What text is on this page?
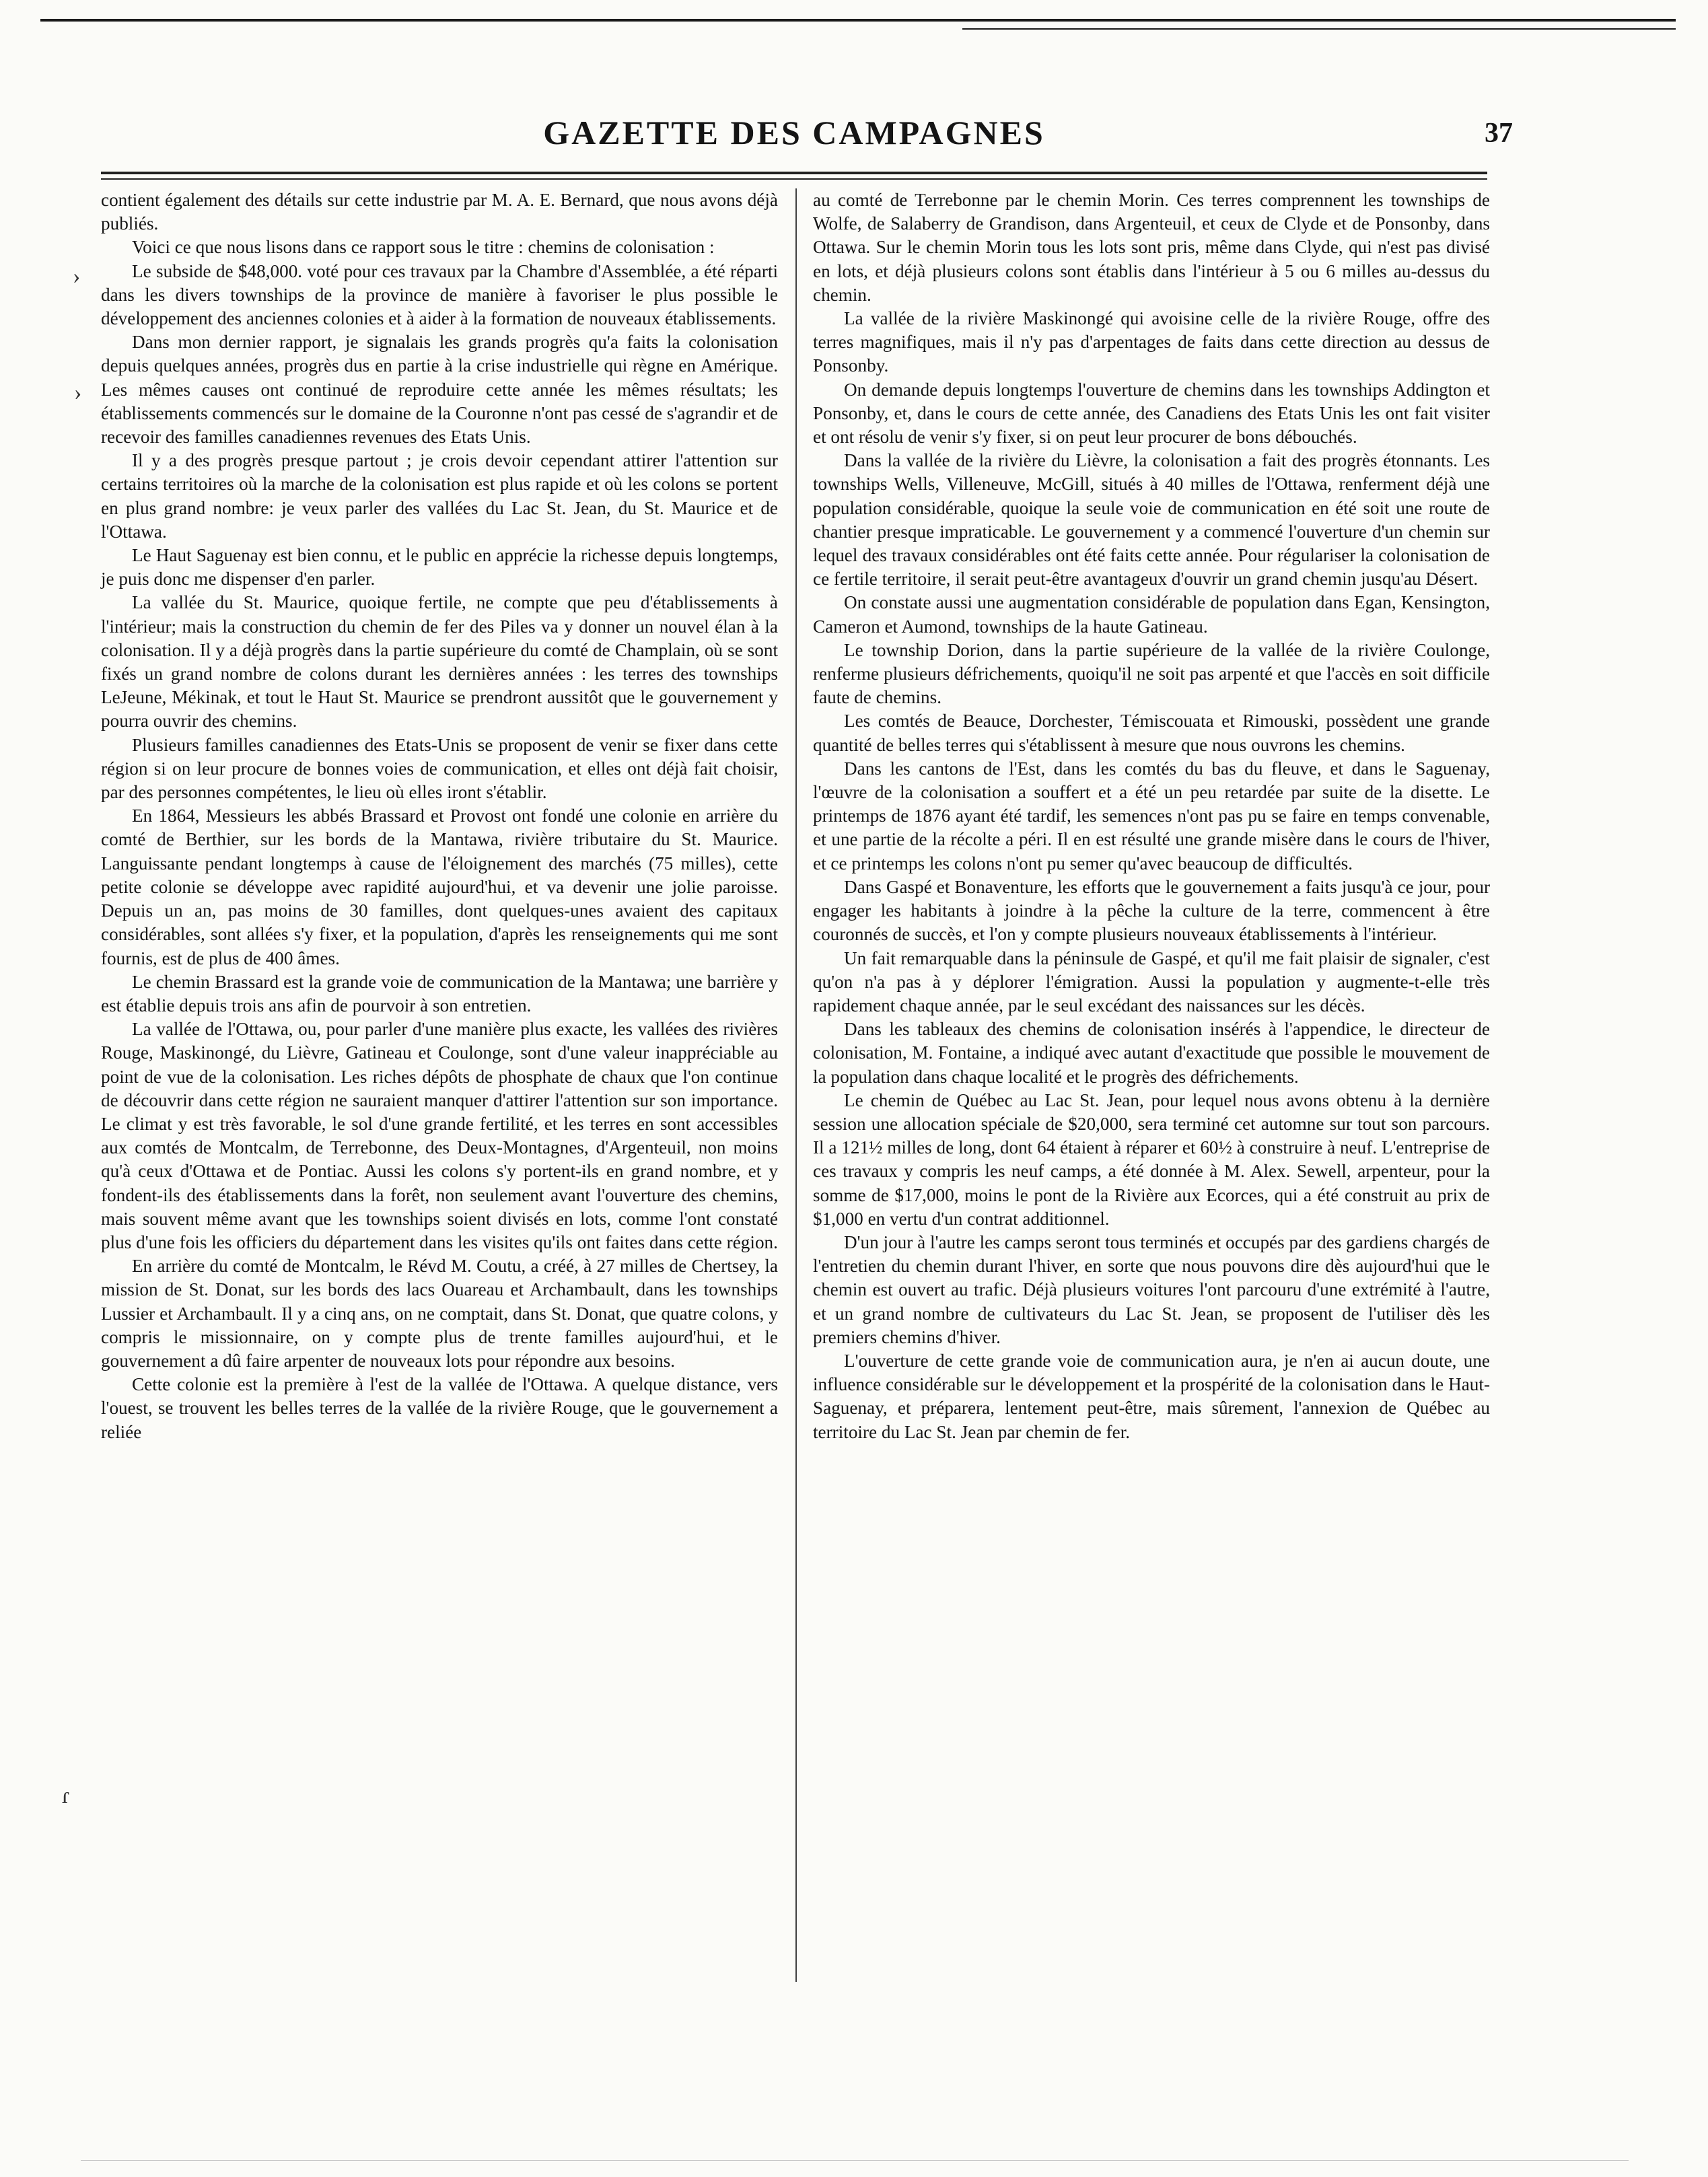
GAZETTE DES CAMPAGNES	37
›
›
ɾ

contient également des détails sur cette industrie par M. A. E. Bernard, que nous avons déjà publiés.

Voici ce que nous lisons dans ce rapport sous le titre : chemins de colonisation :

Le subside de $48,000. voté pour ces travaux par la Chambre d'Assemblée, a été réparti dans les divers townships de la province de manière à favoriser le plus possible le développement des anciennes colonies et à aider à la formation de nouveaux établissements.

Dans mon dernier rapport, je signalais les grands progrès qu'a faits la colonisation depuis quelques années, progrès dus en partie à la crise industrielle qui règne en Amérique. Les mêmes causes ont continué de reproduire cette année les mêmes résultats; les établissements commencés sur le domaine de la Couronne n'ont pas cessé de s'agrandir et de recevoir des familles canadiennes revenues des Etats Unis.

Il y a des progrès presque partout ; je crois devoir cependant attirer l'attention sur certains territoires où la marche de la colonisation est plus rapide et où les colons se portent en plus grand nombre: je veux parler des vallées du Lac St. Jean, du St. Maurice et de l'Ottawa.

Le Haut Saguenay est bien connu, et le public en apprécie la richesse depuis longtemps, je puis donc me dispenser d'en parler.

La vallée du St. Maurice, quoique fertile, ne compte que peu d'établissements à l'intérieur; mais la construction du chemin de fer des Piles va y donner un nouvel élan à la colonisation. Il y a déjà progrès dans la partie supérieure du comté de Champlain, où se sont fixés un grand nombre de colons durant les dernières années : les terres des townships LeJeune, Mékinak, et tout le Haut St. Maurice se prendront aussitôt que le gouvernement y pourra ouvrir des chemins.

Plusieurs familles canadiennes des Etats-Unis se proposent de venir se fixer dans cette région si on leur procure de bonnes voies de communication, et elles ont déjà fait choisir, par des personnes compétentes, le lieu où elles iront s'établir.

En 1864, Messieurs les abbés Brassard et Provost ont fondé une colonie en arrière du comté de Berthier, sur les bords de la Mantawa, rivière tributaire du St. Maurice. Languissante pendant longtemps à cause de l'éloignement des marchés (75 milles), cette petite colonie se développe avec rapidité aujourd'hui, et va devenir une jolie paroisse. Depuis un an, pas moins de 30 familles, dont quelques-unes avaient des capitaux considérables, sont allées s'y fixer, et la population, d'après les renseignements qui me sont fournis, est de plus de 400 âmes.

Le chemin Brassard est la grande voie de communication de la Mantawa; une barrière y est établie depuis trois ans afin de pourvoir à son entretien.

La vallée de l'Ottawa, ou, pour parler d'une manière plus exacte, les vallées des rivières Rouge, Maskinongé, du Lièvre, Gatineau et Coulonge, sont d'une valeur inappréciable au point de vue de la colonisation. Les riches dépôts de phosphate de chaux que l'on continue de découvrir dans cette région ne sauraient manquer d'attirer l'attention sur son importance. Le climat y est très favorable, le sol d'une grande fertilité, et les terres en sont accessibles aux comtés de Montcalm, de Terrebonne, des Deux-Montagnes, d'Argenteuil, non moins qu'à ceux d'Ottawa et de Pontiac. Aussi les colons s'y portent-ils en grand nombre, et y fondent-ils des établissements dans la forêt, non seulement avant l'ouverture des chemins, mais souvent même avant que les townships soient divisés en lots, comme l'ont constaté plus d'une fois les officiers du département dans les visites qu'ils ont faites dans cette région.

En arrière du comté de Montcalm, le Révd M. Coutu, a créé, à 27 milles de Chertsey, la mission de St. Donat, sur les bords des lacs Ouareau et Archambault, dans les townships Lussier et Archambault. Il y a cinq ans, on ne comptait, dans St. Donat, que quatre colons, y compris le missionnaire, on y compte plus de trente familles aujourd'hui, et le gouvernement a dû faire arpenter de nouveaux lots pour répondre aux besoins.

Cette colonie est la première à l'est de la vallée de l'Ottawa. A quelque distance, vers l'ouest, se trouvent les belles terres de la vallée de la rivière Rouge, que le gouvernement a reliée

au comté de Terrebonne par le chemin Morin. Ces terres comprennent les townships de Wolfe, de Salaberry de Grandison, dans Argenteuil, et ceux de Clyde et de Ponsonby, dans Ottawa. Sur le chemin Morin tous les lots sont pris, même dans Clyde, qui n'est pas divisé en lots, et déjà plusieurs colons sont établis dans l'intérieur à 5 ou 6 milles au-dessus du chemin.

La vallée de la rivière Maskinongé qui avoisine celle de la rivière Rouge, offre des terres magnifiques, mais il n'y pas d'arpentages de faits dans cette direction au dessus de Ponsonby.

On demande depuis longtemps l'ouverture de chemins dans les townships Addington et Ponsonby, et, dans le cours de cette année, des Canadiens des Etats Unis les ont fait visiter et ont résolu de venir s'y fixer, si on peut leur procurer de bons débouchés.

Dans la vallée de la rivière du Lièvre, la colonisation a fait des progrès étonnants. Les townships Wells, Villeneuve, McGill, situés à 40 milles de l'Ottawa, renferment déjà une population considérable, quoique la seule voie de communication en été soit une route de chantier presque impraticable. Le gouvernement y a commencé l'ouverture d'un chemin sur lequel des travaux considérables ont été faits cette année. Pour régulariser la colonisation de ce fertile territoire, il serait peut-être avantageux d'ouvrir un grand chemin jusqu'au Désert.

On constate aussi une augmentation considérable de population dans Egan, Kensington, Cameron et Aumond, townships de la haute Gatineau.

Le township Dorion, dans la partie supérieure de la vallée de la rivière Coulonge, renferme plusieurs défrichements, quoiqu'il ne soit pas arpenté et que l'accès en soit difficile faute de chemins.

Les comtés de Beauce, Dorchester, Témiscouata et Rimouski, possèdent une grande quantité de belles terres qui s'établissent à mesure que nous ouvrons les chemins.

Dans les cantons de l'Est, dans les comtés du bas du fleuve, et dans le Saguenay, l'œuvre de la colonisation a souffert et a été un peu retardée par suite de la disette. Le printemps de 1876 ayant été tardif, les semences n'ont pas pu se faire en temps convenable, et une partie de la récolte a péri. Il en est résulté une grande misère dans le cours de l'hiver, et ce printemps les colons n'ont pu semer qu'avec beaucoup de difficultés.

Dans Gaspé et Bonaventure, les efforts que le gouvernement a faits jusqu'à ce jour, pour engager les habitants à joindre à la pêche la culture de la terre, commencent à être couronnés de succès, et l'on y compte plusieurs nouveaux établissements à l'intérieur.

Un fait remarquable dans la péninsule de Gaspé, et qu'il me fait plaisir de signaler, c'est qu'on n'a pas à y déplorer l'émigration. Aussi la population y augmente-t-elle très rapidement chaque année, par le seul excédant des naissances sur les décès.

Dans les tableaux des chemins de colonisation insérés à l'appendice, le directeur de colonisation, M. Fontaine, a indiqué avec autant d'exactitude que possible le mouvement de la population dans chaque localité et le progrès des défrichements.

Le chemin de Québec au Lac St. Jean, pour lequel nous avons obtenu à la dernière session une allocation spéciale de $20,000, sera terminé cet automne sur tout son parcours. Il a 121½ milles de long, dont 64 étaient à réparer et 60½ à construire à neuf. L'entreprise de ces travaux y compris les neuf camps, a été donnée à M. Alex. Sewell, arpenteur, pour la somme de $17,000, moins le pont de la Rivière aux Ecorces, qui a été construit au prix de $1,000 en vertu d'un contrat additionnel.

D'un jour à l'autre les camps seront tous terminés et occupés par des gardiens chargés de l'entretien du chemin durant l'hiver, en sorte que nous pouvons dire dès aujourd'hui que le chemin est ouvert au trafic. Déjà plusieurs voitures l'ont parcouru d'une extrémité à l'autre, et un grand nombre de cultivateurs du Lac St. Jean, se proposent de l'utiliser dès les premiers chemins d'hiver.

L'ouverture de cette grande voie de communication aura, je n'en ai aucun doute, une influence considérable sur le développement et la prospérité de la colonisation dans le Haut-Saguenay, et préparera, lentement peut-être, mais sûrement, l'annexion de Québec au territoire du Lac St. Jean par chemin de fer.
